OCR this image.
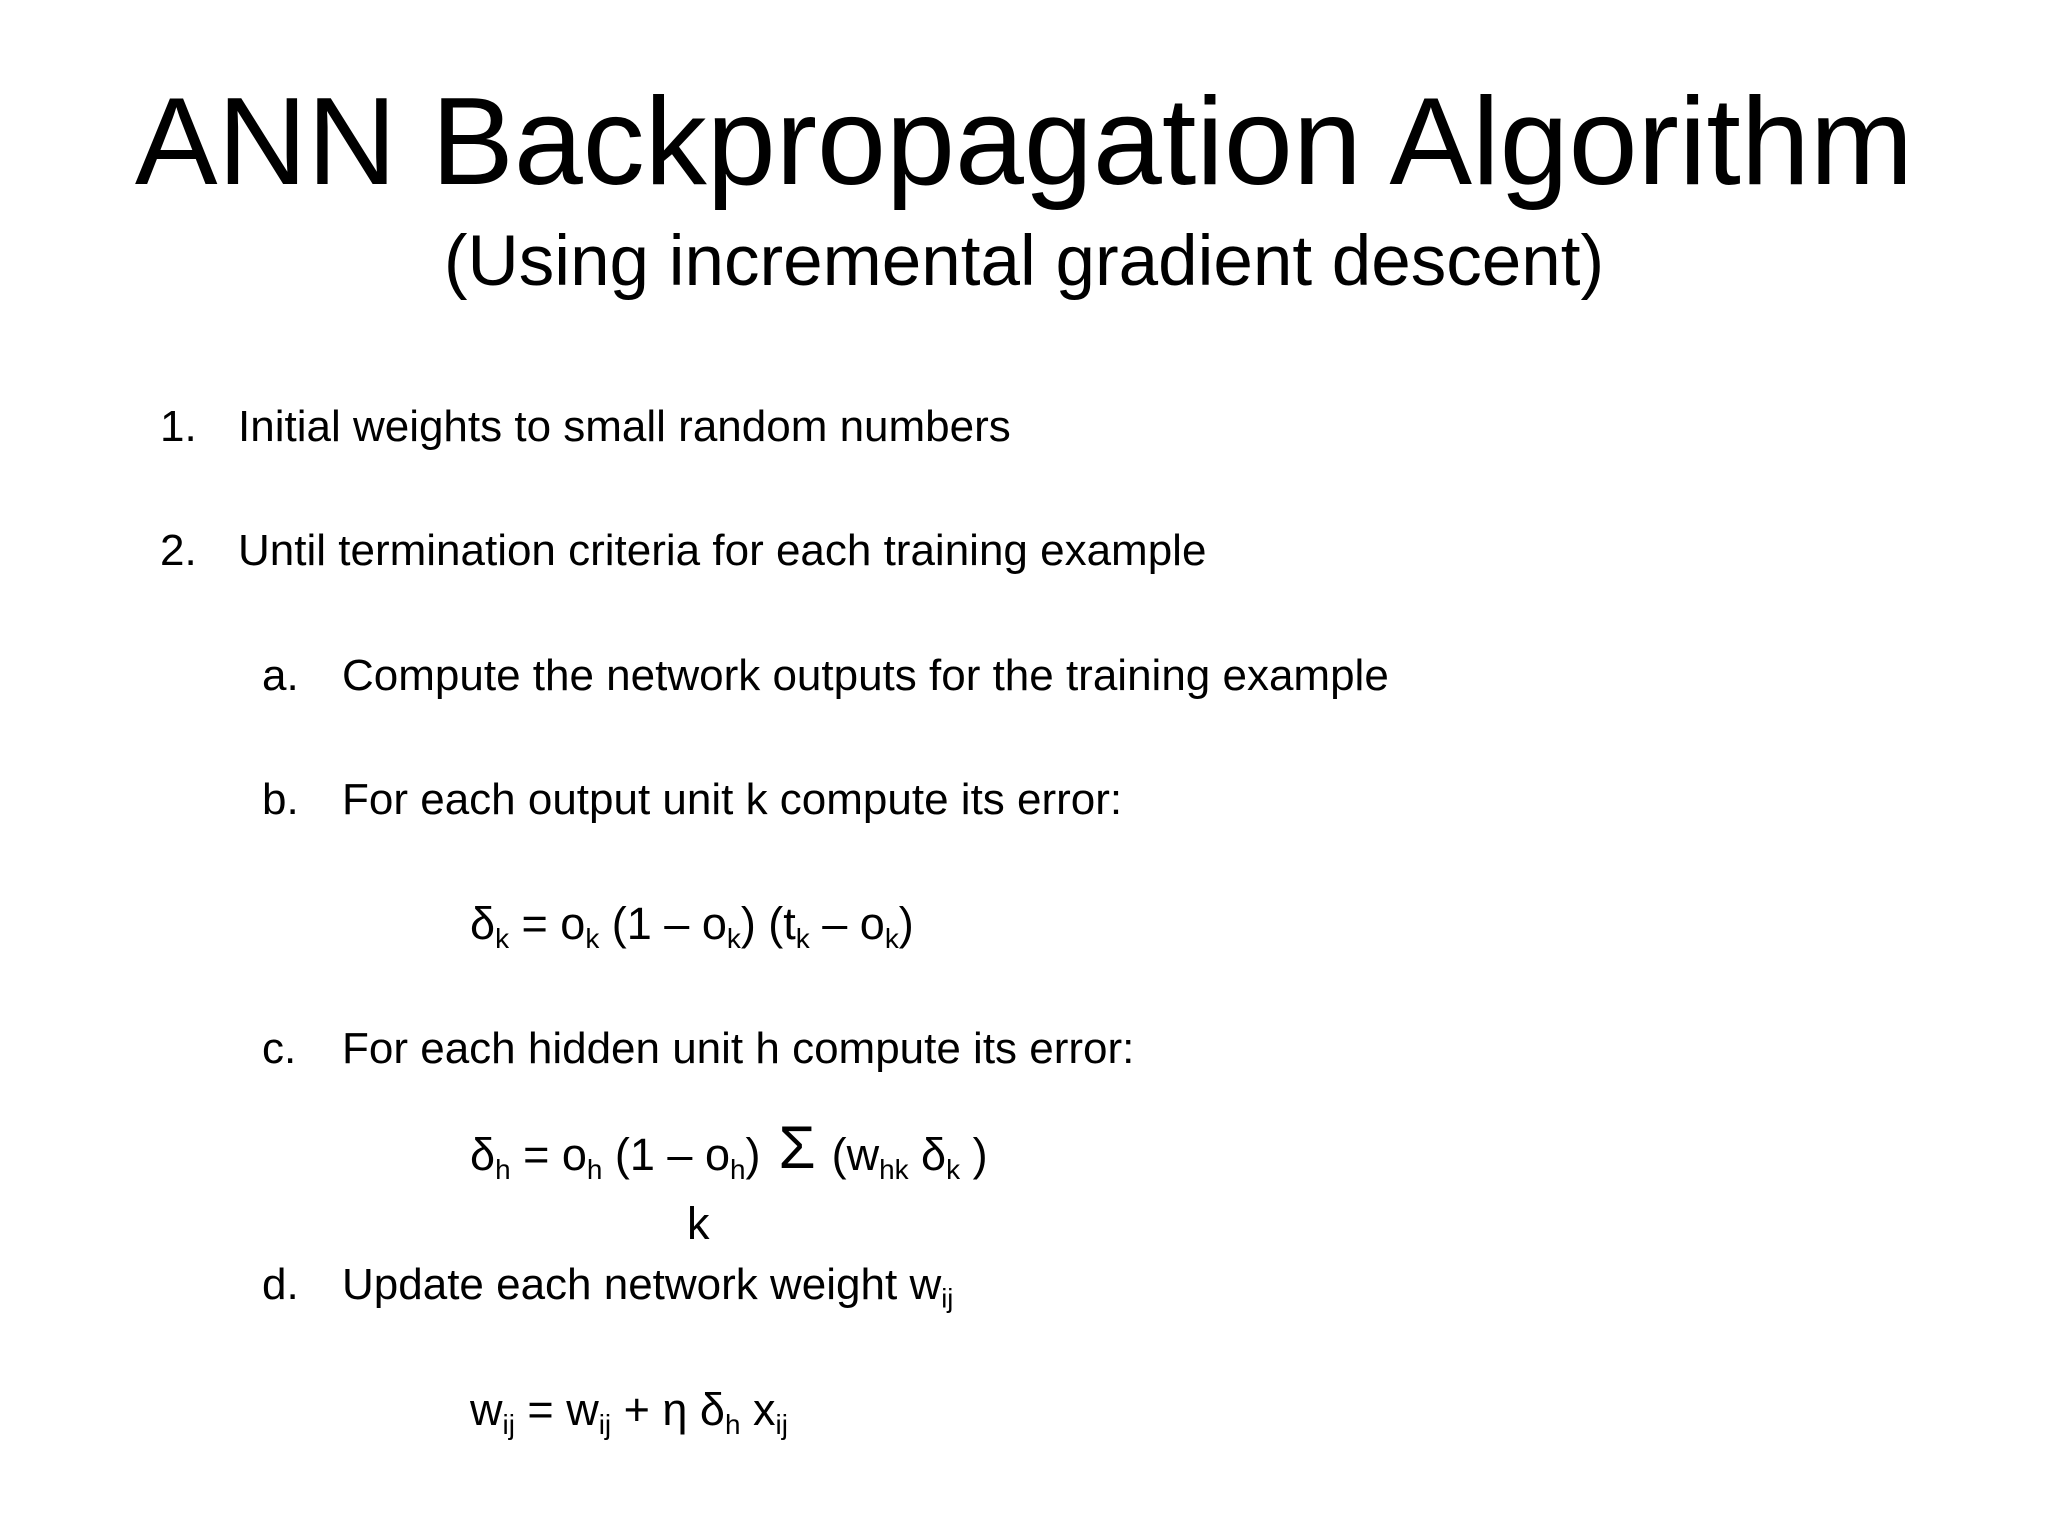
ANN Backpropagation Algorithm
(Using incremental gradient descent)
1. Initial weights to small random numbers
2. Until termination criteria for each training example
a. Compute the network outputs for the training example
b. For each output unit k compute its error:
$\delta_k = o_k$ $(1 - o_k)$ $(t_k - o_k)$
c. For each hidden unit h compute its error:
$\delta_h = o_h$ $(1 - o_h)$ Σ ($w_{hk}$ $\delta_k$ )
k
d. Update each network weight $w_{ij}$
$w_{ij} = w_{ij} + \eta$ $\delta_h$ $x_{ij}$
